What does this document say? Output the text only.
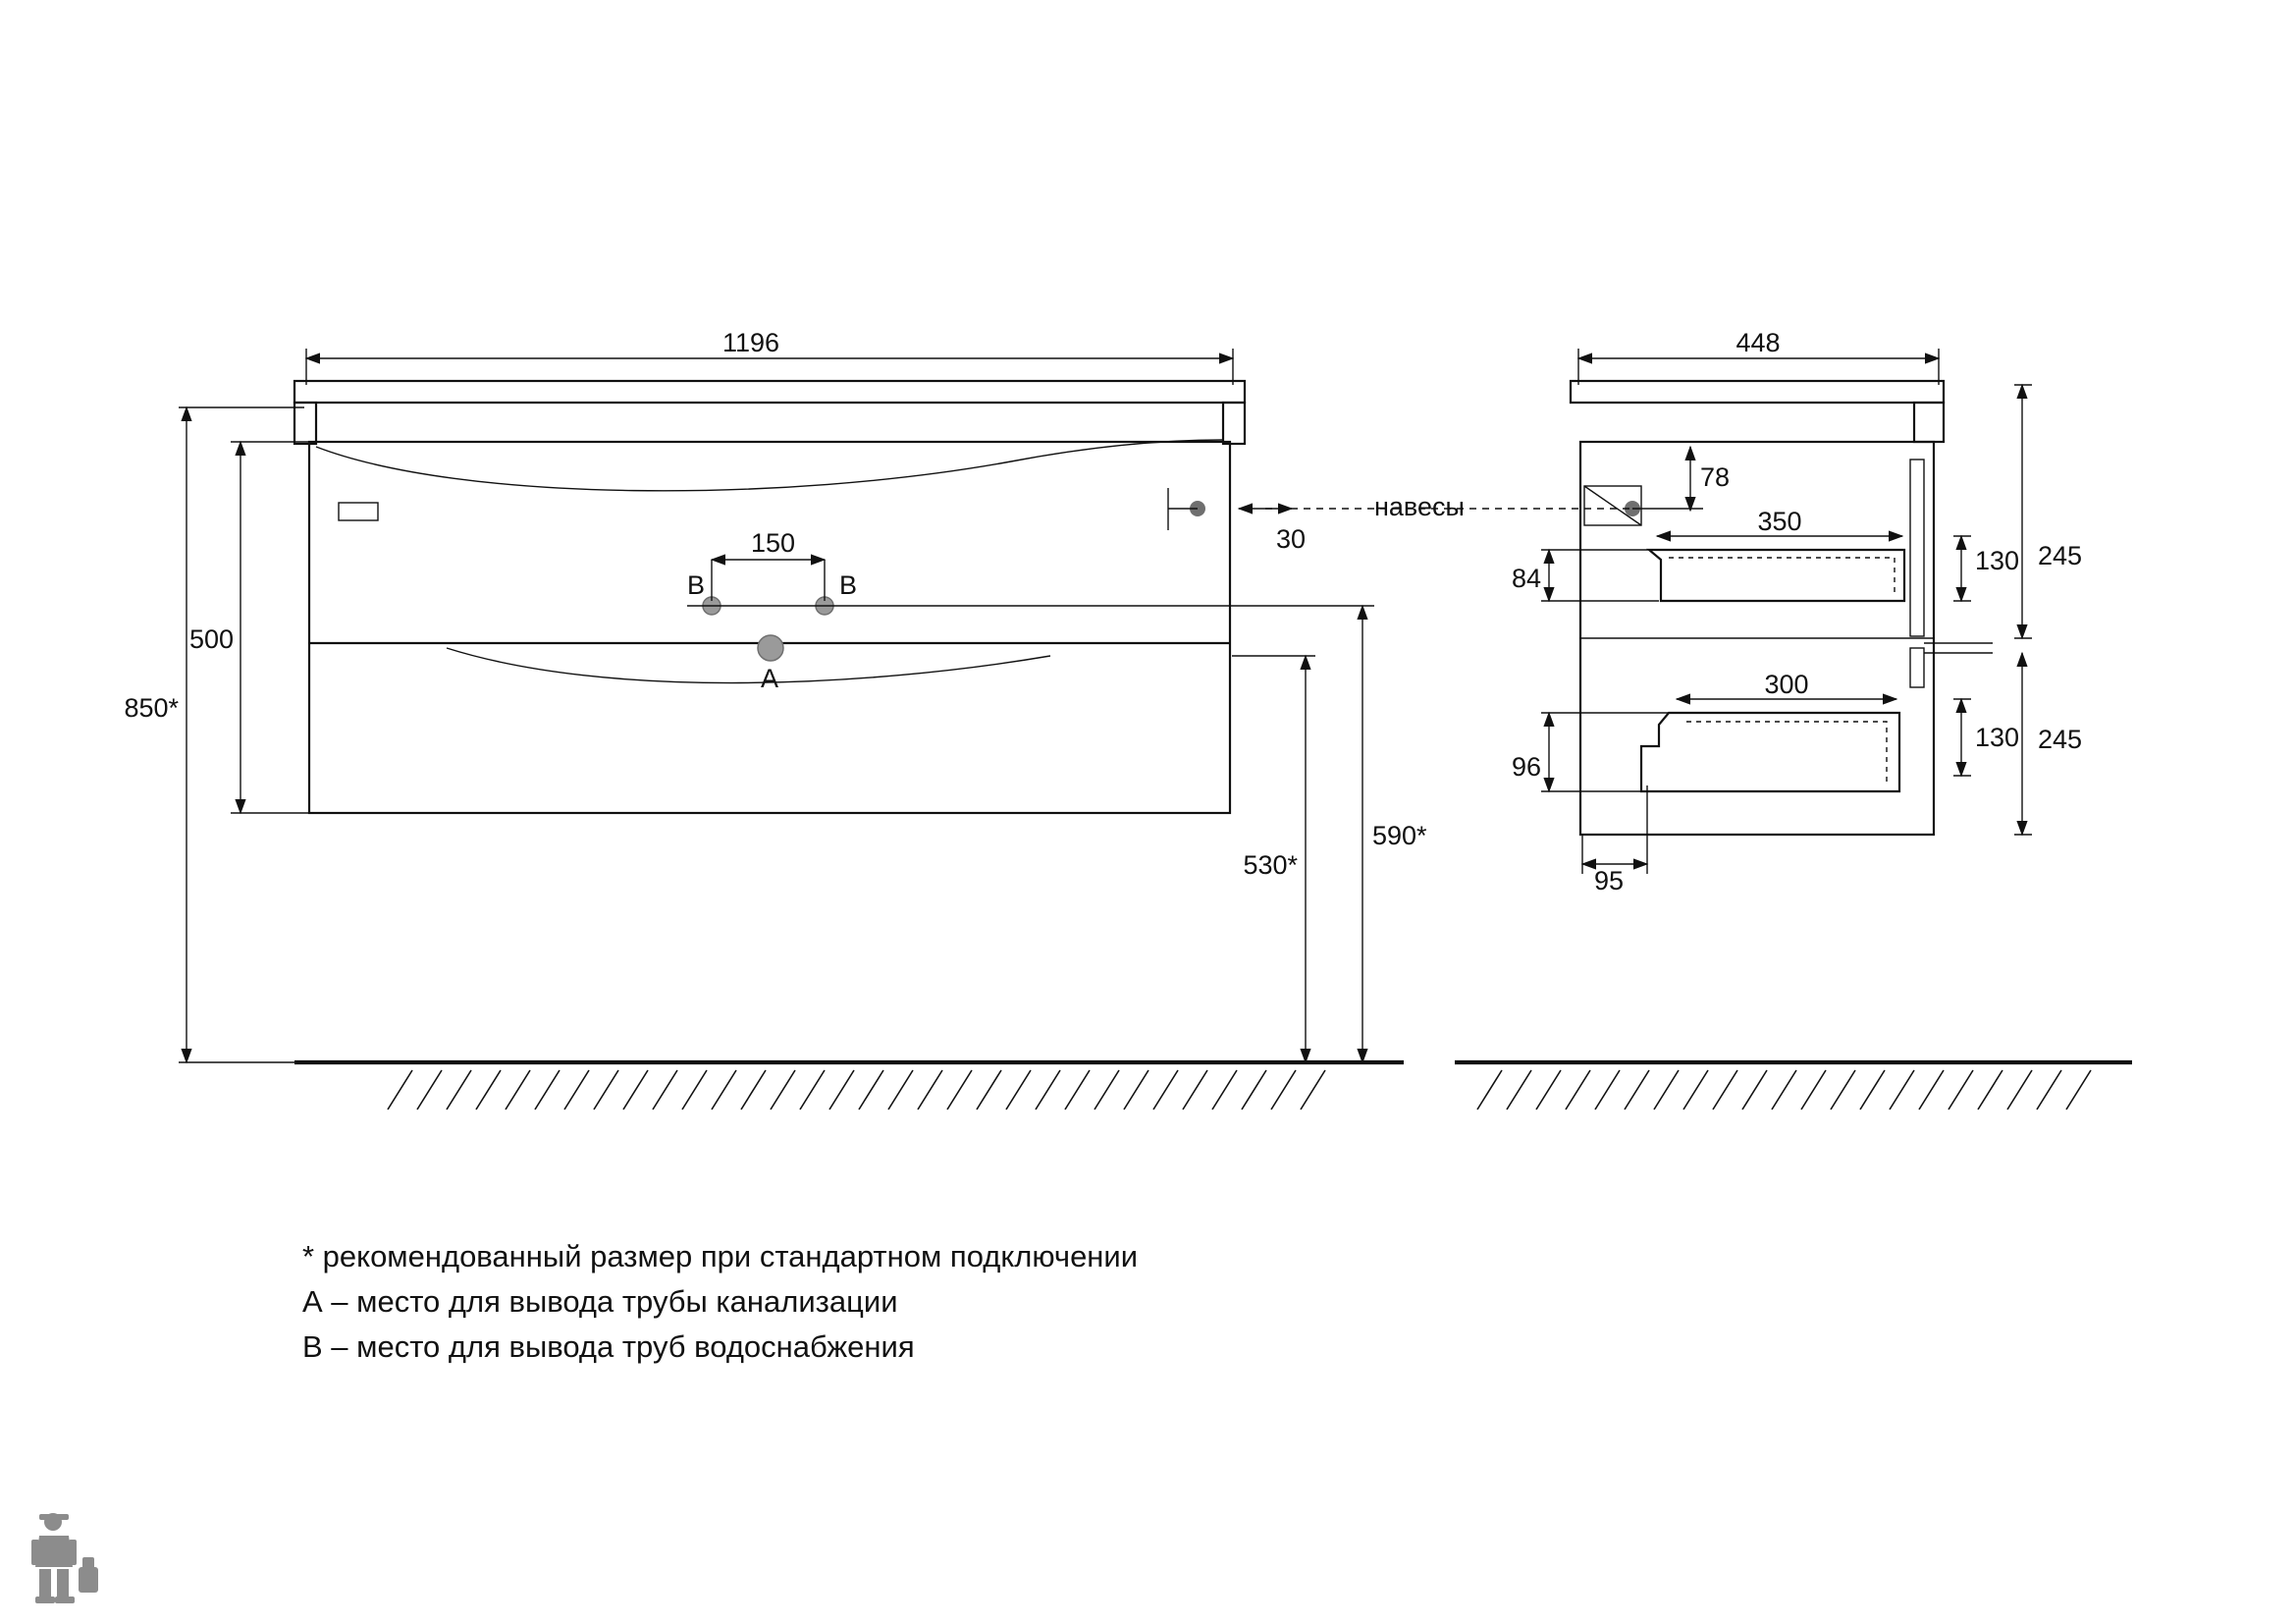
A
B	B
150
1196
500
850*
30
530*
590*
448
78
350
84
130 245
300
96
130 245
95
навесы
* рекомендованный размер при стандартном подключении
А – место для вывода трубы канализации
В – место для вывода труб водоснабжения
